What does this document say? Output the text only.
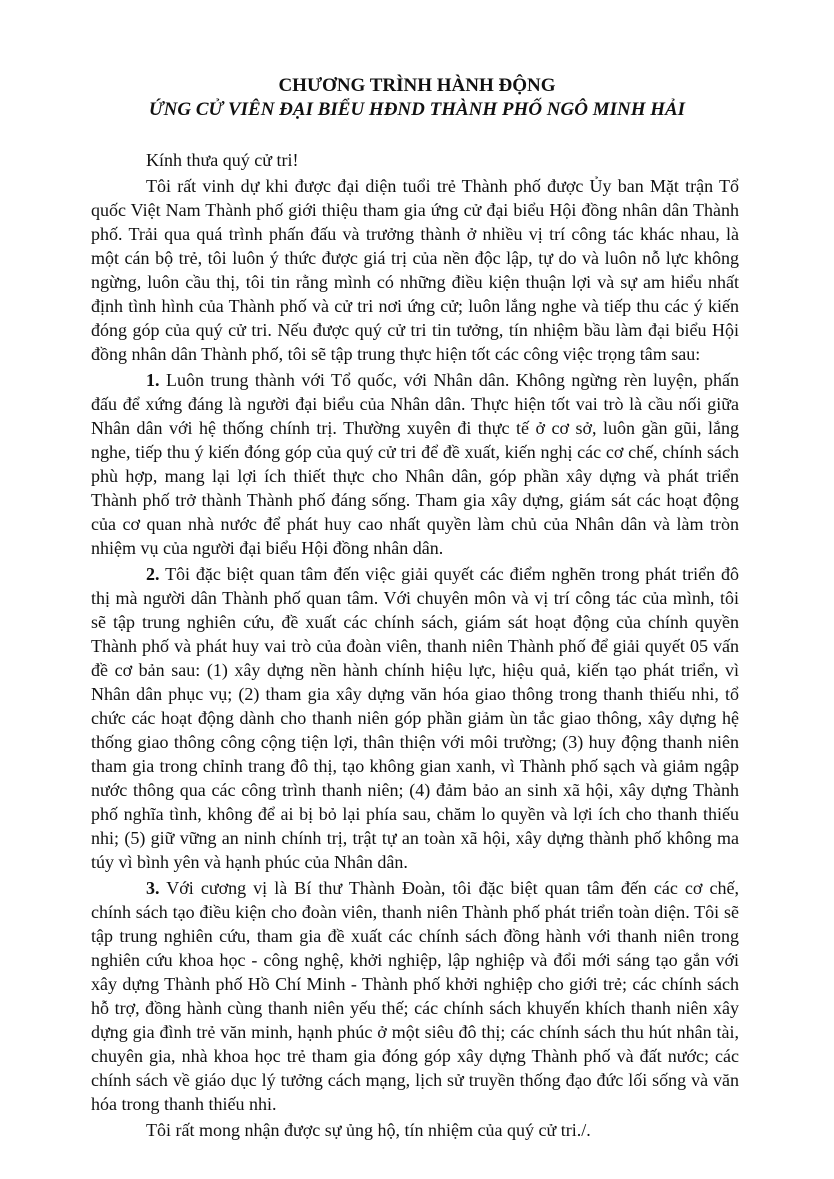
CHƯƠNG TRÌNH HÀNH ĐỘNG
ỨNG CỬ VIÊN ĐẠI BIỂU HĐND THÀNH PHỐ NGÔ MINH HẢI

Kính thưa quý cử tri!

Tôi rất vinh dự khi được đại diện tuổi trẻ Thành phố được Ủy ban Mặt trận Tổ quốc Việt Nam Thành phố giới thiệu tham gia ứng cử đại biểu Hội đồng nhân dân Thành phố. Trải qua quá trình phấn đấu và trưởng thành ở nhiều vị trí công tác khác nhau, là một cán bộ trẻ, tôi luôn ý thức được giá trị của nền độc lập, tự do và luôn nỗ lực không ngừng, luôn cầu thị, tôi tin rằng mình có những điều kiện thuận lợi và sự am hiểu nhất định tình hình của Thành phố và cử tri nơi ứng cử; luôn lắng nghe và tiếp thu các ý kiến đóng góp của quý cử tri. Nếu được quý cử tri tin tưởng, tín nhiệm bầu làm đại biểu Hội đồng nhân dân Thành phố, tôi sẽ tập trung thực hiện tốt các công việc trọng tâm sau:

1. Luôn trung thành với Tổ quốc, với Nhân dân. Không ngừng rèn luyện, phấn đấu để xứng đáng là người đại biểu của Nhân dân. Thực hiện tốt vai trò là cầu nối giữa Nhân dân với hệ thống chính trị. Thường xuyên đi thực tế ở cơ sở, luôn gần gũi, lắng nghe, tiếp thu ý kiến đóng góp của quý cử tri để đề xuất, kiến nghị các cơ chế, chính sách phù hợp, mang lại lợi ích thiết thực cho Nhân dân, góp phần xây dựng và phát triển Thành phố trở thành Thành phố đáng sống. Tham gia xây dựng, giám sát các hoạt động của cơ quan nhà nước để phát huy cao nhất quyền làm chủ của Nhân dân và làm tròn nhiệm vụ của người đại biểu Hội đồng nhân dân.

2. Tôi đặc biệt quan tâm đến việc giải quyết các điểm nghẽn trong phát triển đô thị mà người dân Thành phố quan tâm. Với chuyên môn và vị trí công tác của mình, tôi sẽ tập trung nghiên cứu, đề xuất các chính sách, giám sát hoạt động của chính quyền Thành phố và phát huy vai trò của đoàn viên, thanh niên Thành phố để giải quyết 05 vấn đề cơ bản sau: (1) xây dựng nền hành chính hiệu lực, hiệu quả, kiến tạo phát triển, vì Nhân dân phục vụ; (2) tham gia xây dựng văn hóa giao thông trong thanh thiếu nhi, tổ chức các hoạt động dành cho thanh niên góp phần giảm ùn tắc giao thông, xây dựng hệ thống giao thông công cộng tiện lợi, thân thiện với môi trường; (3) huy động thanh niên tham gia trong chỉnh trang đô thị, tạo không gian xanh, vì Thành phố sạch và giảm ngập nước thông qua các công trình thanh niên; (4) đảm bảo an sinh xã hội, xây dựng Thành phố nghĩa tình, không để ai bị bỏ lại phía sau, chăm lo quyền và lợi ích cho thanh thiếu nhi; (5) giữ vững an ninh chính trị, trật tự an toàn xã hội, xây dựng thành phố không ma túy vì bình yên và hạnh phúc của Nhân dân.

3. Với cương vị là Bí thư Thành Đoàn, tôi đặc biệt quan tâm đến các cơ chế, chính sách tạo điều kiện cho đoàn viên, thanh niên Thành phố phát triển toàn diện. Tôi sẽ tập trung nghiên cứu, tham gia đề xuất các chính sách đồng hành với thanh niên trong nghiên cứu khoa học - công nghệ, khởi nghiệp, lập nghiệp và đổi mới sáng tạo gắn với xây dựng Thành phố Hồ Chí Minh - Thành phố khởi nghiệp cho giới trẻ; các chính sách hỗ trợ, đồng hành cùng thanh niên yếu thế; các chính sách khuyến khích thanh niên xây dựng gia đình trẻ văn minh, hạnh phúc ở một siêu đô thị; các chính sách thu hút nhân tài, chuyên gia, nhà khoa học trẻ tham gia đóng góp xây dựng Thành phố và đất nước; các chính sách về giáo dục lý tưởng cách mạng, lịch sử truyền thống đạo đức lối sống và văn hóa trong thanh thiếu nhi.

Tôi rất mong nhận được sự ủng hộ, tín nhiệm của quý cử tri./.
